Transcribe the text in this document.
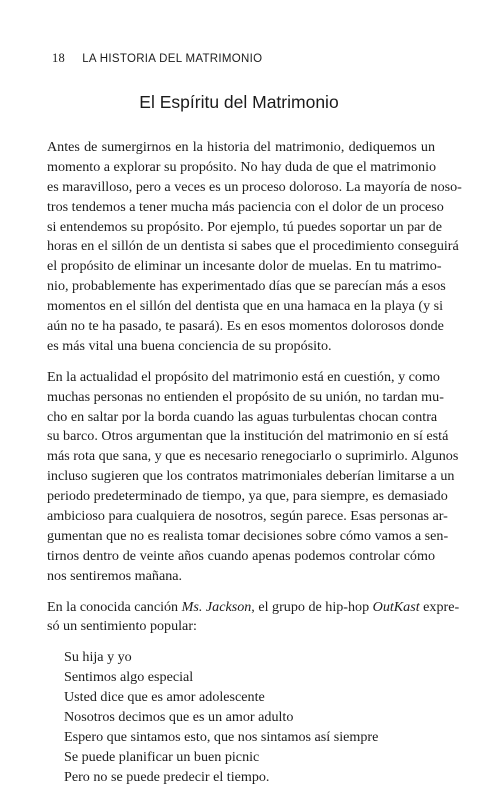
18 LA HISTORIA DEL MATRIMONIO
El Espíritu del Matrimonio
Antes de sumergirnos en la historia del matrimonio, dediquemos un
momento a explorar su propósito. No hay duda de que el matrimonio
es maravilloso, pero a veces es un proceso doloroso. La mayoría de noso-
tros tendemos a tener mucha más paciencia con el dolor de un proceso
si entendemos su propósito. Por ejemplo, tú puedes soportar un par de
horas en el sillón de un dentista si sabes que el procedimiento conseguirá
el propósito de eliminar un incesante dolor de muelas. En tu matrimo-
nio, probablemente has experimentado días que se parecían más a esos
momentos en el sillón del dentista que en una hamaca en la playa (y si
aún no te ha pasado, te pasará). Es en esos momentos dolorosos donde
es más vital una buena conciencia de su propósito.
En la actualidad el propósito del matrimonio está en cuestión, y como
muchas personas no entienden el propósito de su unión, no tardan mu-
cho en saltar por la borda cuando las aguas turbulentas chocan contra
su barco. Otros argumentan que la institución del matrimonio en sí está
más rota que sana, y que es necesario renegociarlo o suprimirlo. Algunos
incluso sugieren que los contratos matrimoniales deberían limitarse a un
periodo predeterminado de tiempo, ya que, para siempre, es demasiado
ambicioso para cualquiera de nosotros, según parece. Esas personas ar-
gumentan que no es realista tomar decisiones sobre cómo vamos a sen-
tirnos dentro de veinte años cuando apenas podemos controlar cómo
nos sentiremos mañana.
En la conocida canción Ms. Jackson, el grupo de hip-hop OutKast expre-
só un sentimiento popular:
Su hija y yo
Sentimos algo especial
Usted dice que es amor adolescente
Nosotros decimos que es un amor adulto
Espero que sintamos esto, que nos sintamos así siempre
Se puede planificar un buen picnic
Pero no se puede predecir el tiempo.
